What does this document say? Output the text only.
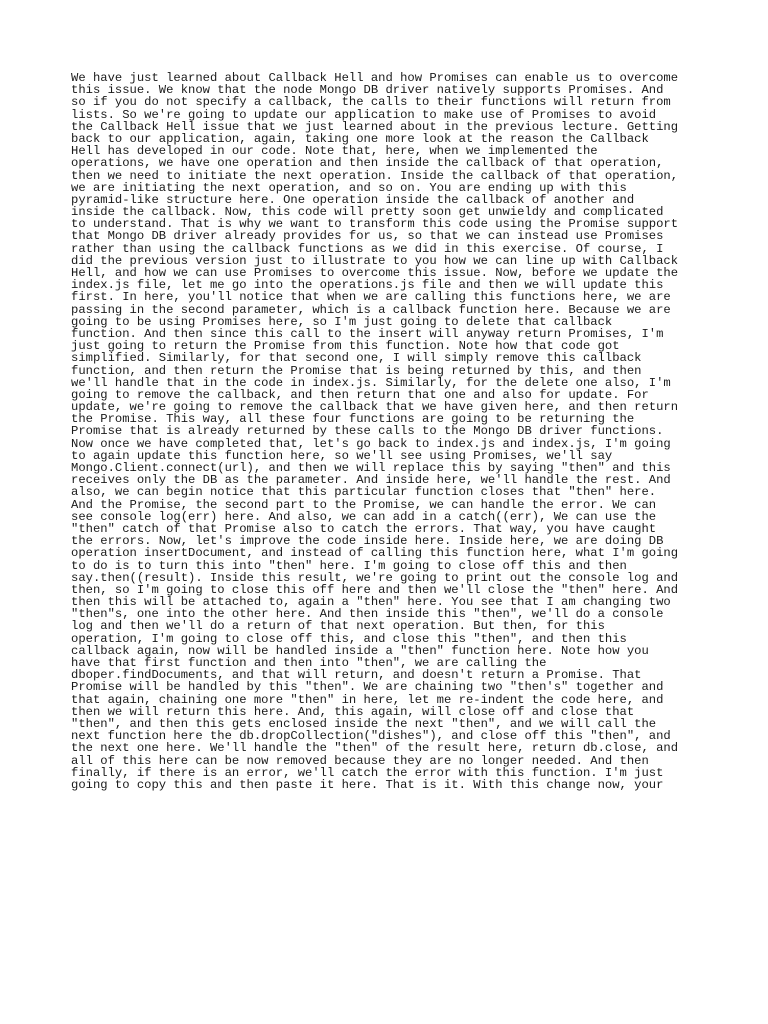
We have just learned about Callback Hell and how Promises can enable us to overcome
this issue. We know that the node Mongo DB driver natively supports Promises. And
so if you do not specify a callback, the calls to their functions will return from
lists. So we're going to update our application to make use of Promises to avoid
the Callback Hell issue that we just learned about in the previous lecture. Getting
back to our application, again, taking one more look at the reason the Callback
Hell has developed in our code. Note that, here, when we implemented the
operations, we have one operation and then inside the callback of that operation,
then we need to initiate the next operation. Inside the callback of that operation,
we are initiating the next operation, and so on. You are ending up with this
pyramid-like structure here. One operation inside the callback of another and
inside the callback. Now, this code will pretty soon get unwieldy and complicated
to understand. That is why we want to transform this code using the Promise support
that Mongo DB driver already provides for us, so that we can instead use Promises
rather than using the callback functions as we did in this exercise. Of course, I
did the previous version just to illustrate to you how we can line up with Callback
Hell, and how we can use Promises to overcome this issue. Now, before we update the
index.js file, let me go into the operations.js file and then we will update this
first. In here, you'll notice that when we are calling this functions here, we are
passing in the second parameter, which is a callback function here. Because we are
going to be using Promises here, so I'm just going to delete that callback
function. And then since this call to the insert will anyway return Promises, I'm
just going to return the Promise from this function. Note how that code got
simplified. Similarly, for that second one, I will simply remove this callback
function, and then return the Promise that is being returned by this, and then
we'll handle that in the code in index.js. Similarly, for the delete one also, I'm
going to remove the callback, and then return that one and also for update. For
update, we're going to remove the callback that we have given here, and then return
the Promise. This way, all these four functions are going to be returning the
Promise that is already returned by these calls to the Mongo DB driver functions.
Now once we have completed that, let's go back to index.js and index.js, I'm going
to again update this function here, so we'll see using Promises, we'll say
Mongo.Client.connect(url), and then we will replace this by saying "then" and this
receives only the DB as the parameter. And inside here, we'll handle the rest. And
also, we can begin notice that this particular function closes that "then" here.
And the Promise, the second part to the Promise, we can handle the error. We can
see console log(err) here. And also, we can add in a catch((err), We can use the
"then" catch of that Promise also to catch the errors. That way, you have caught
the errors. Now, let's improve the code inside here. Inside here, we are doing DB
operation insertDocument, and instead of calling this function here, what I'm going
to do is to turn this into "then" here. I'm going to close off this and then
say.then((result). Inside this result, we're going to print out the console log and
then, so I'm going to close this off here and then we'll close the "then" here. And
then this will be attached to, again a "then" here. You see that I am changing two
"then"s, one into the other here. And then inside this "then", we'll do a console
log and then we'll do a return of that next operation. But then, for this
operation, I'm going to close off this, and close this "then", and then this
callback again, now will be handled inside a "then" function here. Note how you
have that first function and then into "then", we are calling the
dboper.findDocuments, and that will return, and doesn't return a Promise. That
Promise will be handled by this "then". We are chaining two "then's" together and
that again, chaining one more "then" in here, let me re-indent the code here, and
then we will return this here. And, this again, will close off and close that
"then", and then this gets enclosed inside the next "then", and we will call the
next function here the db.dropCollection("dishes"), and close off this "then", and
the next one here. We'll handle the "then" of the result here, return db.close, and
all of this here can be now removed because they are no longer needed. And then
finally, if there is an error, we'll catch the error with this function. I'm just
going to copy this and then paste it here. That is it. With this change now, your
